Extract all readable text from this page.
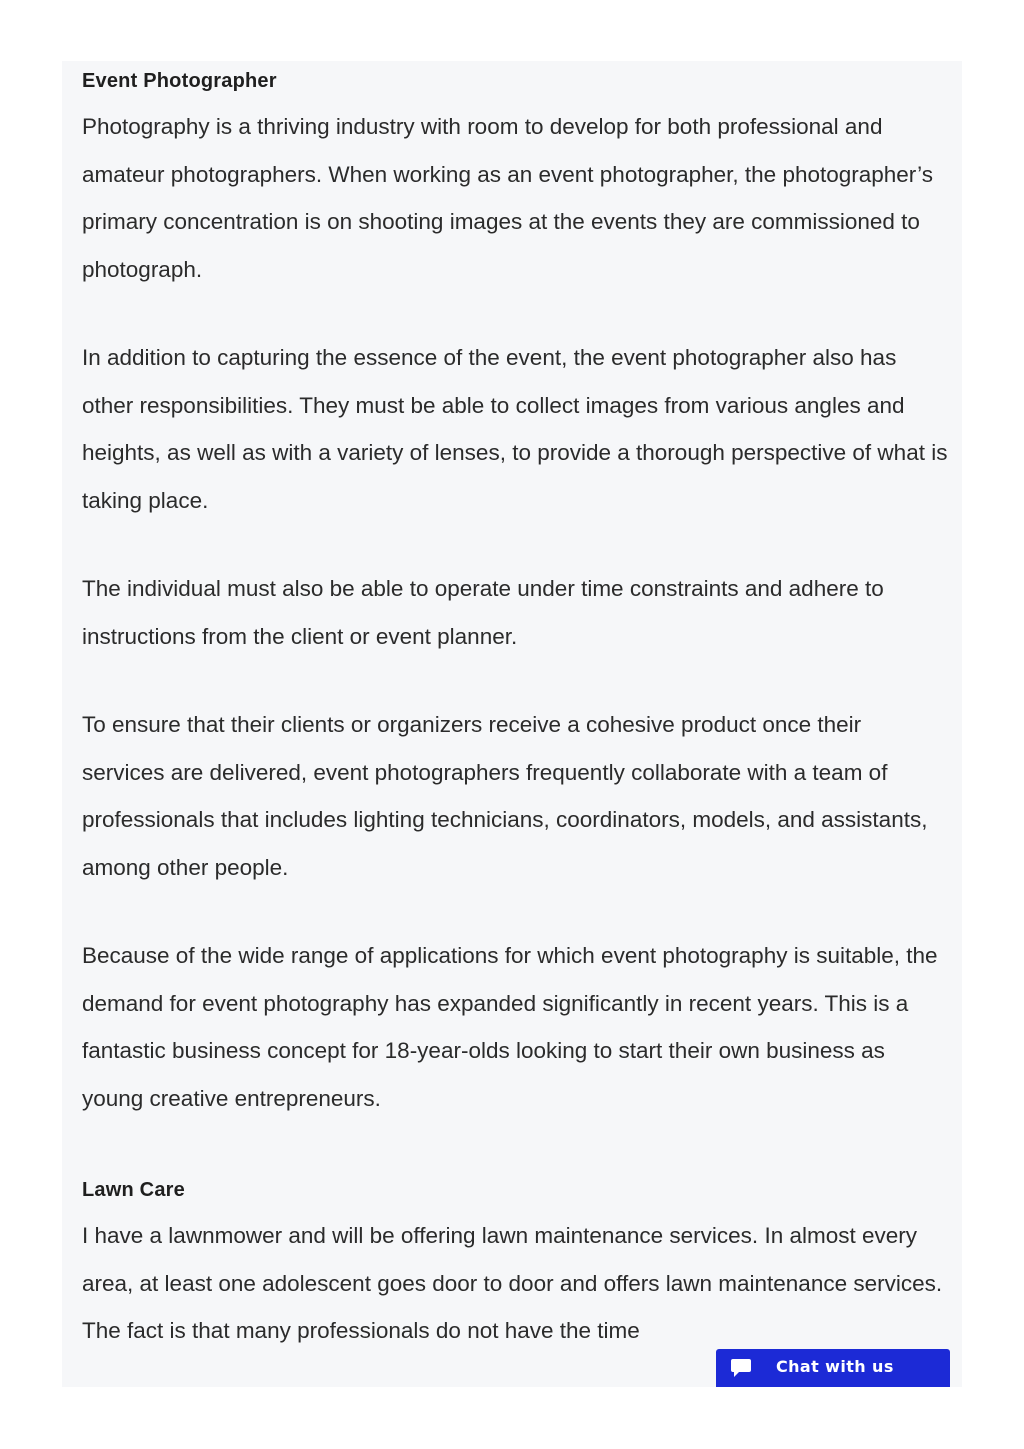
Event Photographer

Photography is a thriving industry with room to develop for both professional and amateur photographers. When working as an event photographer, the photographer’s primary concentration is on shooting images at the events they are commissioned to photograph.

In addition to capturing the essence of the event, the event photographer also has other responsibilities. They must be able to collect images from various angles and heights, as well as with a variety of lenses, to provide a thorough perspective of what is taking place.

The individual must also be able to operate under time constraints and adhere to instructions from the client or event planner.

To ensure that their clients or organizers receive a cohesive product once their services are delivered, event photographers frequently collaborate with a team of professionals that includes lighting technicians, coordinators, models, and assistants, among other people.

Because of the wide range of applications for which event photography is suitable, the demand for event photography has expanded significantly in recent years. This is a fantastic business concept for 18-year-olds looking to start their own business as young creative entrepreneurs.

Lawn Care

I have a lawnmower and will be offering lawn maintenance services. In almost every area, at least one adolescent goes door to door and offers lawn maintenance services. The fact is that many professionals do not have the time

Chat with us
